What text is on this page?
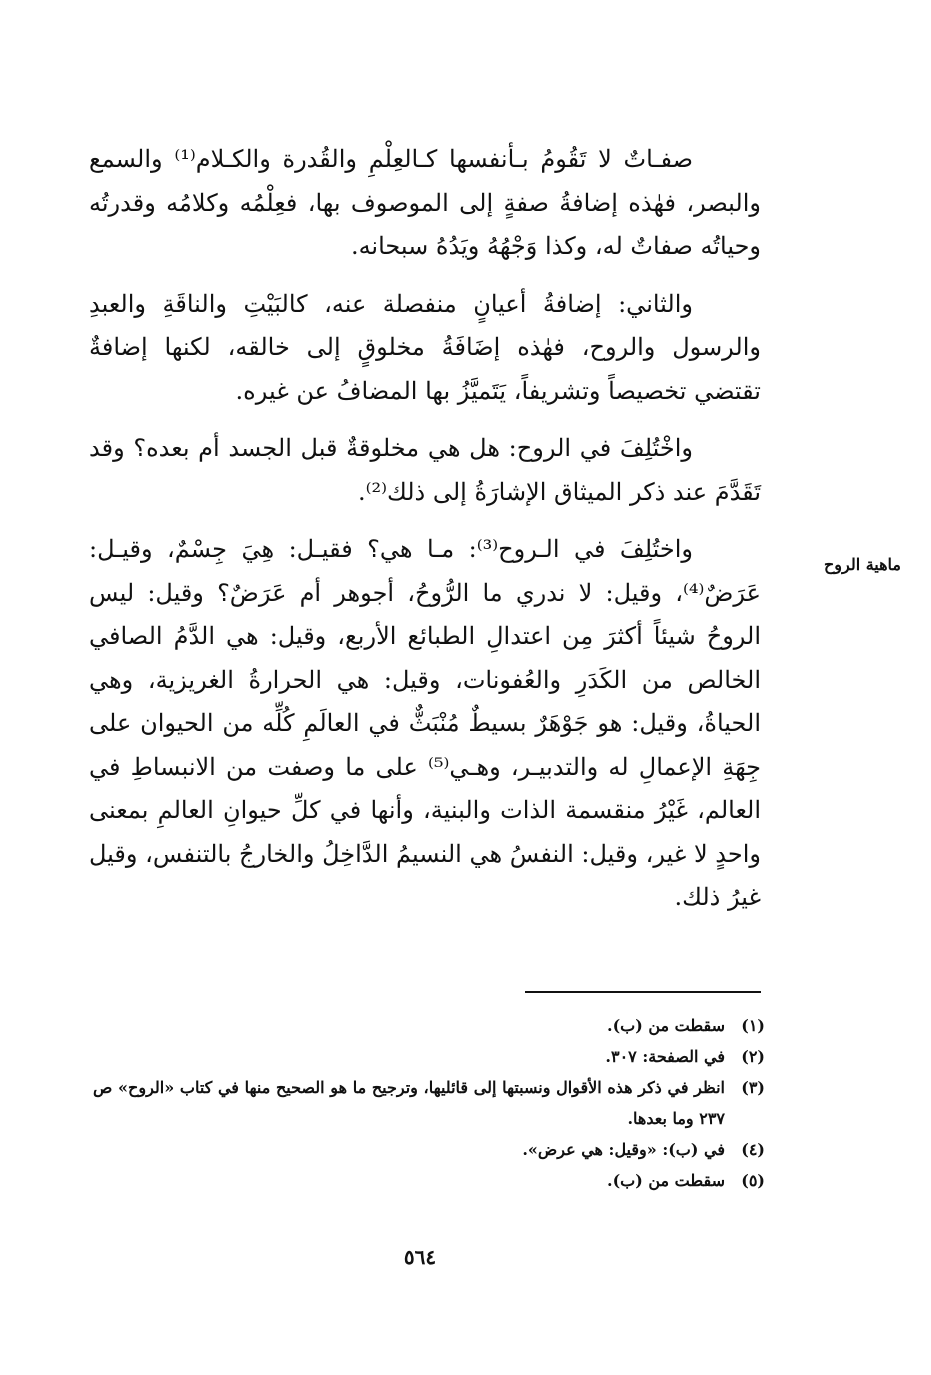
ماهية الروح

صفـاتٌ لا تَقُومُ بـأنفسها كـالعِلْمِ والقُدرة والكـلام⁽¹⁾ والسمع والبصر، فهٰذه إضافةُ صفةٍ إلى الموصوف بها، فعِلْمُه وكلامُه وقدرتُه وحياتُه صفاتٌ له، وكذا وَجْهُهُ ويَدُهُ سبحانه.

والثاني: إضافةُ أعيانٍ منفصلة عنه، كالبَيْتِ والناقَةِ والعبدِ والرسول والروح، فهٰذه إضَافَةُ مخلوقٍ إلى خالقه، لكنها إضافةٌ تقتضي تخصيصاً وتشريفاً، يَتَميَّزُ بها المضافُ عن غيره.

واخْتُلِفَ في الروح: هل هي مخلوقةٌ قبل الجسد أم بعده؟ وقد تَقَدَّمَ عند ذكر الميثاق الإشارَةُ إلى ذلك⁽²⁾.

واختُلِفَ في الـروح⁽³⁾: مـا هي؟ فقيـل: هِيَ جِسْمٌ، وقيـل: عَرَضٌ⁽⁴⁾، وقيل: لا ندري ما الرُّوحُ، أجوهر أم عَرَضٌ؟ وقيل: ليس الروحُ شيئاً أكثرَ مِن اعتدالِ الطبائع الأربع، وقيل: هي الدَّمُ الصافي الخالص من الكَدَرِ والعُفونات، وقيل: هي الحرارةُ الغريزية، وهي الحياةُ، وقيل: هو جَوْهَرٌ بسيطٌ مُنْبَثٌّ في العالَمِ كُلِّه من الحيوان على جِهَةِ الإعمالِ له والتدبيـر، وهـي⁽⁵⁾ على ما وصفت من الانبساطِ في العالم، غَيْرُ منقسمة الذات والبنية، وأنها في كلِّ حيوانِ العالمِ بمعنى واحدٍ لا غير، وقيل: النفسُ هي النسيمُ الدَّاخِلُ والخارجُ بالتنفس، وقيل غيرُ ذلك.

(١)
سقطت من (ب).
(٢)
في الصفحة: ٣٠٧.
(٣)
انظر في ذكر هذه الأقوال ونسبتها إلى قائليها، وترجيح ما هو الصحيح منها في كتاب «الروح» ص ٢٣٧ وما بعدها.
(٤)
في (ب): «وقيل: هي عرض».
(٥)
سقطت من (ب).
٥٦٤
